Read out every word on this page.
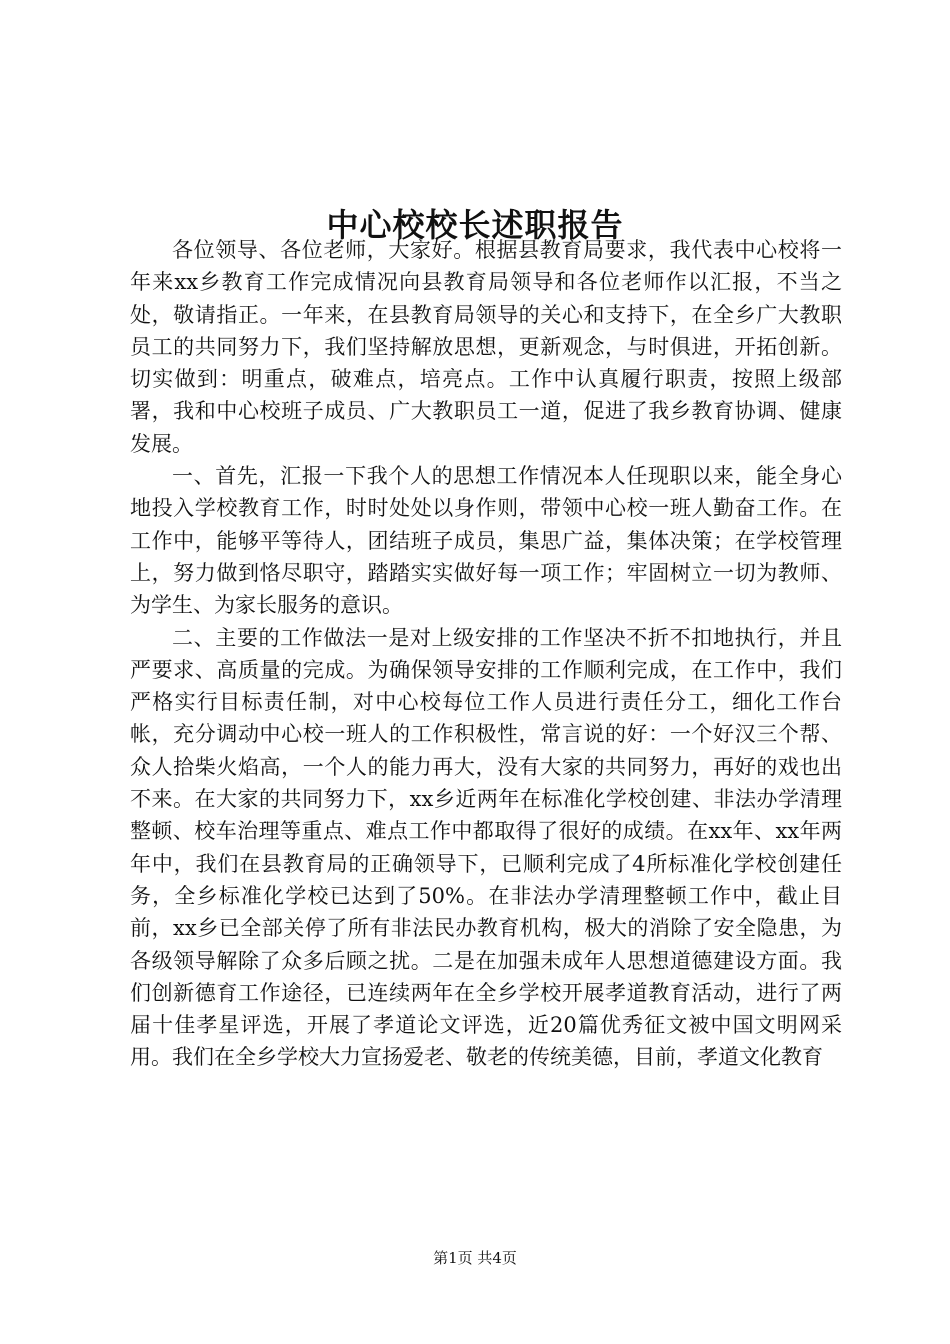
中心校校长述职报告

各位领导、各位老师，大家好。根据县教育局要求，我代表中心校将一年来xx乡教育工作完成情况向县教育局领导和各位老师作以汇报，不当之处，敬请指正。一年来，在县教育局领导的关心和支持下，在全乡广大教职员工的共同努力下，我们坚持解放思想，更新观念，与时俱进，开拓创新。切实做到：明重点，破难点，培亮点。工作中认真履行职责，按照上级部署，我和中心校班子成员、广大教职员工一道，促进了我乡教育协调、健康发展。

一、首先，汇报一下我个人的思想工作情况本人任现职以来，能全身心地投入学校教育工作，时时处处以身作则，带领中心校一班人勤奋工作。在工作中，能够平等待人，团结班子成员，集思广益，集体决策；在学校管理上，努力做到恪尽职守，踏踏实实做好每一项工作；牢固树立一切为教师、为学生、为家长服务的意识。

二、主要的工作做法一是对上级安排的工作坚决不折不扣地执行，并且严要求、高质量的完成。为确保领导安排的工作顺利完成，在工作中，我们严格实行目标责任制，对中心校每位工作人员进行责任分工，细化工作台帐，充分调动中心校一班人的工作积极性，常言说的好：一个好汉三个帮、众人拾柴火焰高，一个人的能力再大，没有大家的共同努力，再好的戏也出不来。在大家的共同努力下，xx乡近两年在标准化学校创建、非法办学清理整顿、校车治理等重点、难点工作中都取得了很好的成绩。在xx年、xx年两年中，我们在县教育局的正确领导下，已顺利完成了4所标准化学校创建任务，全乡标准化学校已达到了50%。在非法办学清理整顿工作中，截止目前，xx乡已全部关停了所有非法民办教育机构，极大的消除了安全隐患，为各级领导解除了众多后顾之扰。二是在加强未成年人思想道德建设方面。我们创新德育工作途径，已连续两年在全乡学校开展孝道教育活动，进行了两届十佳孝星评选，开展了孝道论文评选，近20篇优秀征文被中国文明网采用。我们在全乡学校大力宣扬爱老、敬老的传统美德，目前，孝道文化教育

第1页 共4页
